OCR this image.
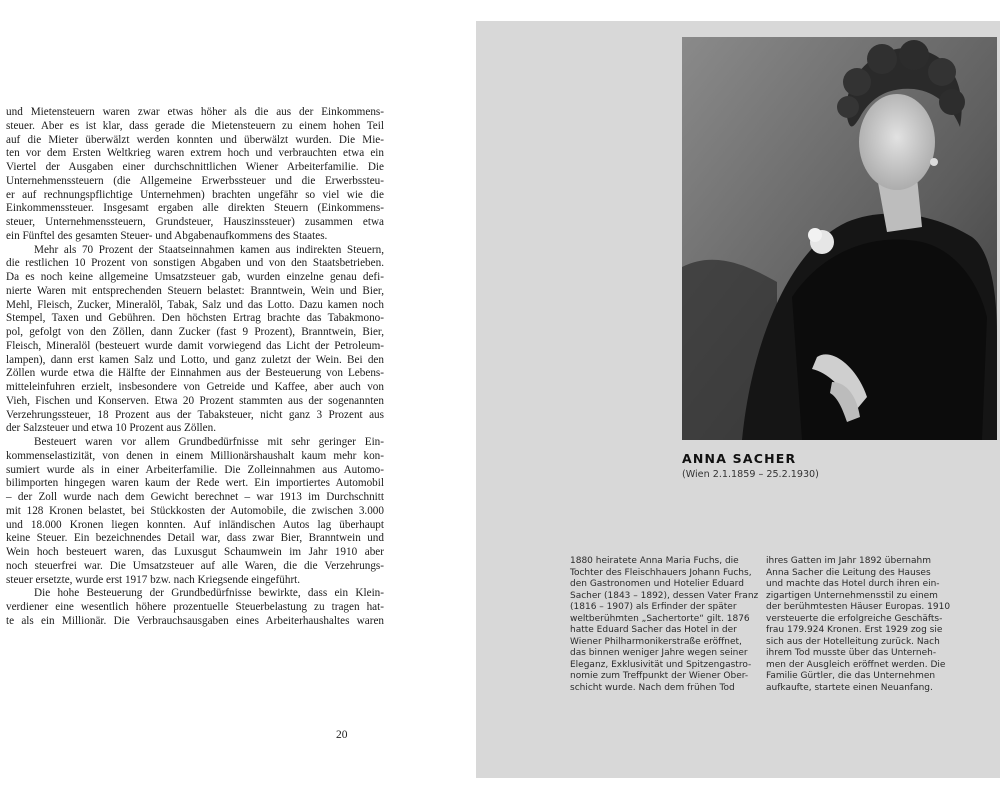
und Mietensteuern waren zwar etwas höher als die aus der Einkommens-
steuer. Aber es ist klar, dass gerade die Mietensteuern zu einem hohen Teil
auf die Mieter überwälzt werden konnten und überwälzt wurden. Die Mie-
ten vor dem Ersten Weltkrieg waren extrem hoch und verbrauchten etwa ein
Viertel der Ausgaben einer durchschnittlichen Wiener Arbeiterfamilie. Die
Unternehmenssteuern (die Allgemeine Erwerbssteuer und die Erwerbssteu-
er auf rechnungspflichtige Unternehmen) brachten ungefähr so viel wie die
Einkommenssteuer. Insgesamt ergaben alle direkten Steuern (Einkommens-
steuer, Unternehmenssteuern, Grundsteuer, Hauszinssteuer) zusammen etwa
ein Fünftel des gesamten Steuer- und Abgabenaufkommens des Staates.
Mehr als 70 Prozent der Staatseinnahmen kamen aus indirekten Steuern,
die restlichen 10 Prozent von sonstigen Abgaben und von den Staatsbetrieben.
Da es noch keine allgemeine Umsatzsteuer gab, wurden einzelne genau defi-
nierte Waren mit entsprechenden Steuern belastet: Branntwein, Wein und Bier,
Mehl, Fleisch, Zucker, Mineralöl, Tabak, Salz und das Lotto. Dazu kamen noch
Stempel, Taxen und Gebühren. Den höchsten Ertrag brachte das Tabakmono-
pol, gefolgt von den Zöllen, dann Zucker (fast 9 Prozent), Branntwein, Bier,
Fleisch, Mineralöl (besteuert wurde damit vorwiegend das Licht der Petroleum-
lampen), dann erst kamen Salz und Lotto, und ganz zuletzt der Wein. Bei den
Zöllen wurde etwa die Hälfte der Einnahmen aus der Besteuerung von Lebens-
mitteleinfuhren erzielt, insbesondere von Getreide und Kaffee, aber auch von
Vieh, Fischen und Konserven. Etwa 20 Prozent stammten aus der sogenannten
Verzehrungssteuer, 18 Prozent aus der Tabaksteuer, nicht ganz 3 Prozent aus
der Salzsteuer und etwa 10 Prozent aus Zöllen.
Besteuert waren vor allem Grundbedürfnisse mit sehr geringer Ein-
kommenselastizität, von denen in einem Millionärshaushalt kaum mehr kon-
sumiert wurde als in einer Arbeiterfamilie. Die Zolleinnahmen aus Automo-
bilimporten hingegen waren kaum der Rede wert. Ein importiertes Automobil
– der Zoll wurde nach dem Gewicht berechnet – war 1913 im Durchschnitt
mit 128 Kronen belastet, bei Stückkosten der Automobile, die zwischen 3.000
und 18.000 Kronen liegen konnten. Auf inländischen Autos lag überhaupt
keine Steuer. Ein bezeichnendes Detail war, dass zwar Bier, Branntwein und
Wein hoch besteuert waren, das Luxusgut Schaumwein im Jahr 1910 aber
noch steuerfrei war. Die Umsatzsteuer auf alle Waren, die die Verzehrungs-
steuer ersetzte, wurde erst 1917 bzw. nach Kriegsende eingeführt.
Die hohe Besteuerung der Grundbedürfnisse bewirkte, dass ein Klein-
verdiener eine wesentlich höhere prozentuelle Steuerbelastung zu tragen hat-
te als ein Millionär. Die Verbrauchsausgaben eines Arbeiterhaushaltes waren
20
ANNA SACHER
(Wien 2.1.1859 – 25.2.1930)
1880 heiratete Anna Maria Fuchs, die
Tochter des Fleischhauers Johann Fuchs,
den Gastronomen und Hotelier Eduard
Sacher (1843 – 1892), dessen Vater Franz
(1816 – 1907) als Erfinder der später
weltberühmten „Sachertorte“ gilt. 1876
hatte Eduard Sacher das Hotel in der
Wiener Philharmonikerstraße eröffnet,
das binnen weniger Jahre wegen seiner
Eleganz, Exklusivität und Spitzengastro-
nomie zum Treffpunkt der Wiener Ober-
schicht wurde. Nach dem frühen Tod
ihres Gatten im Jahr 1892 übernahm
Anna Sacher die Leitung des Hauses
und machte das Hotel durch ihren ein-
zigartigen Unternehmensstil zu einem
der berühmtesten Häuser Europas. 1910
versteuerte die erfolgreiche Geschäfts-
frau 179.924 Kronen. Erst 1929 zog sie
sich aus der Hotelleitung zurück. Nach
ihrem Tod musste über das Unterneh-
men der Ausgleich eröffnet werden. Die
Familie Gürtler, die das Unternehmen
aufkaufte, startete einen Neuanfang.
